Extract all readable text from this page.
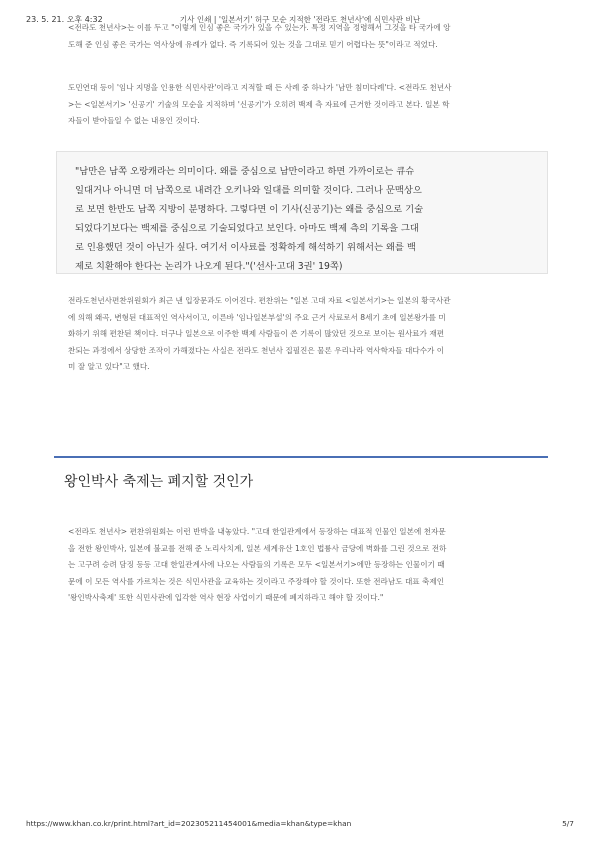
23. 5. 21. 오후 4:32	기사 인쇄 | '일본서기' 허구 모순 지적한 '전라도 천년사'에 식민사관 비난

<전라도 천년사>는 이를 두고 "이렇게 인심 좋은 국가가 있을 수 있는가. 특정 지역을 정령해서 그것을 타 국가에 앙
도해 준 인심 좋은 국가는 역사상에 유례가 없다. 즉 기록되어 있는 것을 그대로 믿기 어렵다는 뜻"이라고 적었다.

도민연대 등이 '임나 지명을 인용한 식민사관'이라고 지적할 때 든 사례 중 하나가 '남만 침미다례'다. <전라도 천년사
>는 <일본서기> '신공기' 기술의 모순을 지적하며 '신공기'가 오히려 백제 측 자료에 근거한 것이라고 본다. 일본 학
자들이 받아들일 수 없는 내용인 것이다.

"남만은 남쪽 오랑캐라는 의미이다. 왜를 중심으로 남만이라고 하면 가까이로는 큐슈
일대거나 아니면 더 남쪽으로 내려간 오키나와 일대를 의미할 것이다. 그러나 문맥상으
로 보면 한반도 남쪽 지방이 분명하다. 그렇다면 이 기사(신공기)는 왜를 중심으로 기술
되었다기보다는 백제를 중심으로 기술되었다고 보인다. 아마도 백제 측의 기록을 그대
로 인용했던 것이 아닌가 싶다. 여기서 이사료를 정확하게 해석하기 위해서는 왜를 백
제로 치환해야 한다는 논리가 나오게 된다."('선사·고대 3권' 19쪽)

전라도천년사편찬위원회가 최근 낸 입장문과도 이어진다. 편찬위는 "일본 고대 자료 <일본서기>는 일본의 황국사관
에 의해 왜곡, 변형된 대표적인 역사서이고, 이른바 '임나일본부설'의 주요 근거 사료로서 8세기 초에 일본왕가를 미
화하기 위해 편찬된 책이다. 더구나 일본으로 이주한 백제 사람들이 쓴 기록이 많았던 것으로 보이는 원사료가 재편
찬되는 과정에서 상당한 조작이 가해졌다는 사실은 전라도 천년사 집필진은 물론 우리나라 역사학자들 대다수가 이
미 잘 알고 있다"고 했다.

왕인박사 축제는 폐지할 것인가

<전라도 천년사> 편찬위원회는 이런 반박을 내놓았다. "고대 한일관계에서 등장하는 대표적 인물인 일본에 천자문
을 전한 왕인박사, 일본에 불교를 전해 준 노리사치계, 일본 세계유산 1호인 법륭사 금당에 벽화를 그린 것으로 전하
는 고구려 승려 담징 등등 고대 한일관계사에 나오는 사람들의 기록은 모두 <일본서기>에만 등장하는 인물이기 때
문에 이 모든 역사를 가르치는 것은 식민사관을 교육하는 것이라고 주장해야 할 것이다. 또한 전라남도 대표 축제인
'왕인박사축제' 또한 식민사관에 입각한 역사 현장 사업이기 때문에 폐지하라고 해야 할 것이다."

https://www.khan.co.kr/print.html?art_id=202305211454001&media=khan&type=khan	5/7
